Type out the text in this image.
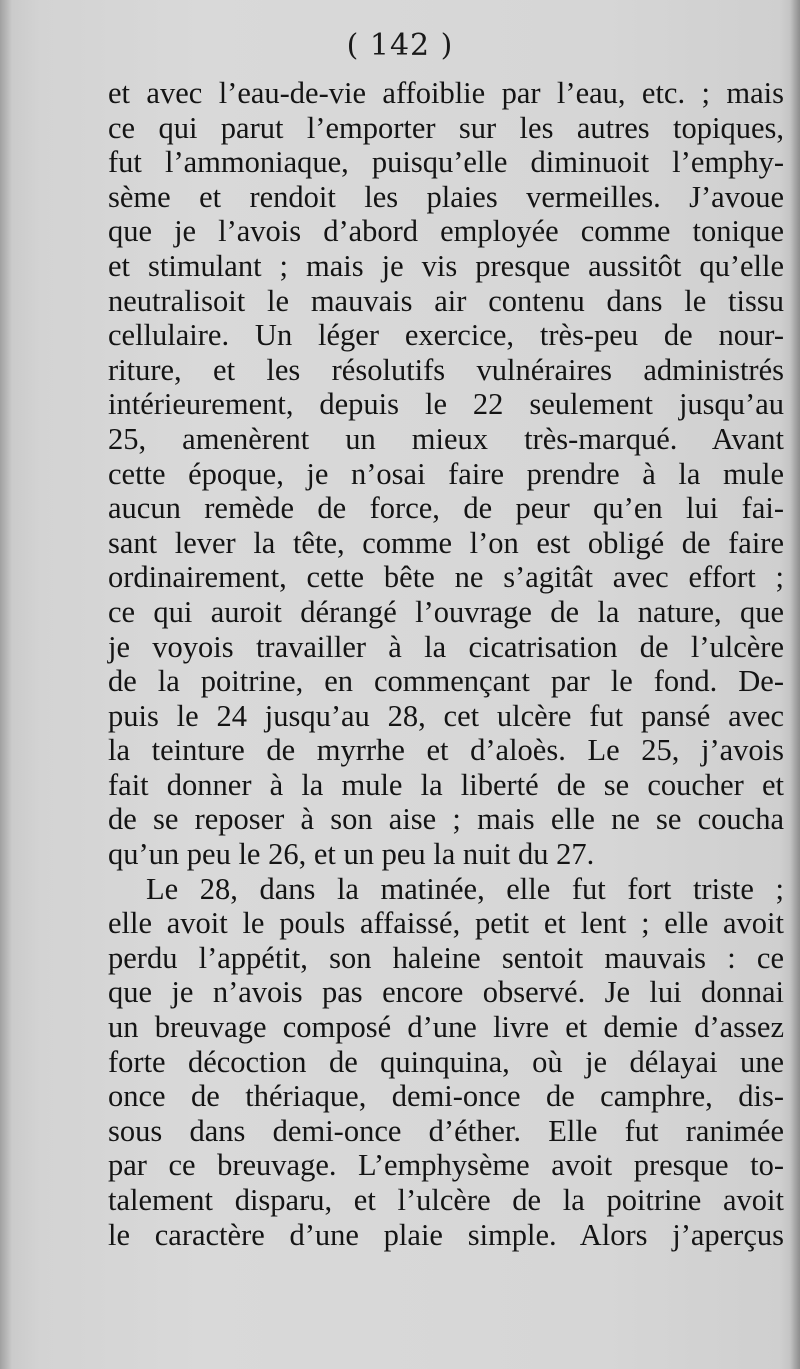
( 142 )
et avec l’eau-de-vie affoiblie par l’eau, etc. ; mais
ce qui parut l’emporter sur les autres topiques,
fut l’ammoniaque, puisqu’elle diminuoit l’emphy-
sème et rendoit les plaies vermeilles. J’avoue
que je l’avois d’abord employée comme tonique
et stimulant ; mais je vis presque aussitôt qu’elle
neutralisoit le mauvais air contenu dans le tissu
cellulaire. Un léger exercice, très-peu de nour-
riture, et les résolutifs vulnéraires administrés
intérieurement, depuis le 22 seulement jusqu’au
25, amenèrent un mieux très-marqué. Avant
cette époque, je n’osai faire prendre à la mule
aucun remède de force, de peur qu’en lui fai-
sant lever la tête, comme l’on est obligé de faire
ordinairement, cette bête ne s’agitât avec effort ;
ce qui auroit dérangé l’ouvrage de la nature, que
je voyois travailler à la cicatrisation de l’ulcère
de la poitrine, en commençant par le fond. De-
puis le 24 jusqu’au 28, cet ulcère fut pansé avec
la teinture de myrrhe et d’aloès. Le 25, j’avois
fait donner à la mule la liberté de se coucher et
de se reposer à son aise ; mais elle ne se coucha
qu’un peu le 26, et un peu la nuit du 27.
Le 28, dans la matinée, elle fut fort triste ;
elle avoit le pouls affaissé, petit et lent ; elle avoit
perdu l’appétit, son haleine sentoit mauvais : ce
que je n’avois pas encore observé. Je lui donnai
un breuvage composé d’une livre et demie d’assez
forte décoction de quinquina, où je délayai une
once de thériaque, demi-once de camphre, dis-
sous dans demi-once d’éther. Elle fut ranimée
par ce breuvage. L’emphysème avoit presque to-
talement disparu, et l’ulcère de la poitrine avoit
le caractère d’une plaie simple. Alors j’aperçus
